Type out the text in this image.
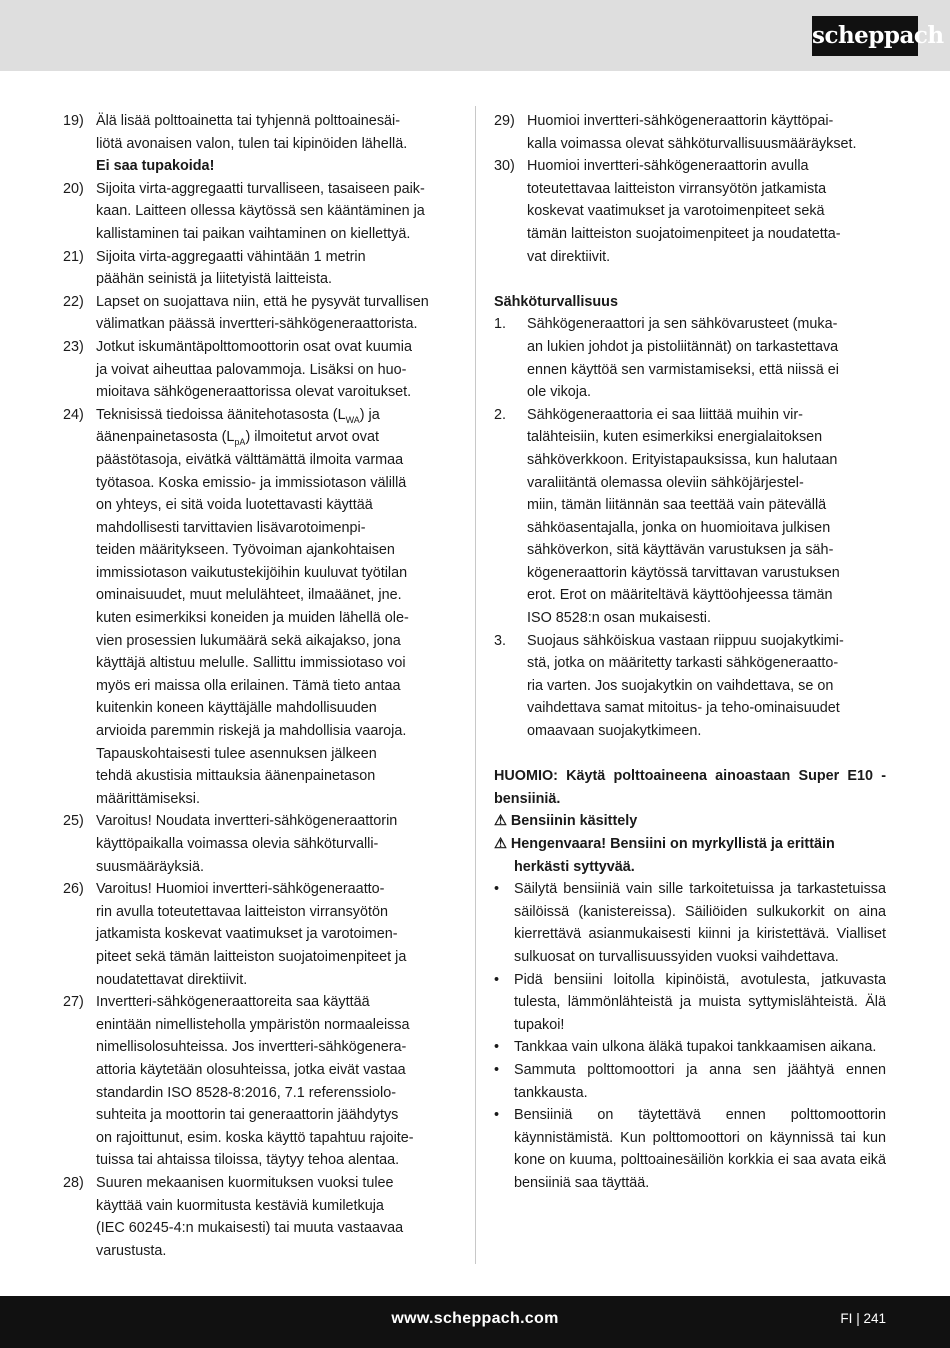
scheppach
19) Älä lisää polttoainetta tai tyhjennä polttoainesäi-
liötä avonaisen valon, tulen tai kipinöiden lähellä.
Ei saa tupakoida!
20) Sijoita virta-aggregaatti turvalliseen, tasaiseen paik-
kaan. Laitteen ollessa käytössä sen kääntäminen ja
kallistaminen tai paikan vaihtaminen on kiellettyä.
21) Sijoita virta-aggregaatti vähintään 1 metrin
päähän seinistä ja liitetyistä laitteista.
22) Lapset on suojattava niin, että he pysyvät turvallisen
välimatkan päässä invertteri-sähkögeneraattorista.
23) Jotkut iskumäntäpolttomoottorin osat ovat kuumia
ja voivat aiheuttaa palovammoja. Lisäksi on huo-
mioitava sähkögeneraattorissa olevat varoitukset.
24) Teknisissä tiedoissa äänitehotasosta $(L_{WA})$ ja
äänenpainetasosta $(L_{pA})$ ilmoitetut arvot ovat
päästötasoja, eivätkä välttämättä ilmoita varmaa
työtasoa. Koska emissio- ja immissiotason välillä
on yhteys, ei sitä voida luotettavasti käyttää
mahdollisesti tarvittavien lisävarotoimenpi-
teiden määritykseen. Työvoiman ajankohtaisen
immissiotason vaikutustekijöihin kuuluvat työtilan
ominaisuudet, muut melulähteet, ilmaäänet, jne.
kuten esimerkiksi koneiden ja muiden lähellä ole-
vien prosessien lukumäärä sekä aikajakso, jona
käyttäjä altistuu melulle. Sallittu immissiotaso voi
myös eri maissa olla erilainen. Tämä tieto antaa
kuitenkin koneen käyttäjälle mahdollisuuden
arvioida paremmin riskejä ja mahdollisia vaaroja.
Tapauskohtaisesti tulee asennuksen jälkeen
tehdä akustisia mittauksia äänenpainetason
määrittämiseksi.
25) Varoitus! Noudata invertteri-sähkögeneraattorin
käyttöpaikalla voimassa olevia sähköturvalli-
suusmääräyksiä.
26) Varoitus! Huomioi invertteri-sähkögeneraatto-
rin avulla toteutettavaa laitteiston virransyötön
jatkamista koskevat vaatimukset ja varotoimen-
piteet sekä tämän laitteiston suojatoimenpiteet ja
noudatettavat direktiivit.
27) Invertteri-sähkögeneraattoreita saa käyttää
enintään nimellisteholla ympäristön normaaleissa
nimellisolosuhteissa. Jos invertteri-sähkögenera-
attoria käytetään olosuhteissa, jotka eivät vastaa
standardin ISO 8528-8:2016, 7.1 referenssiolo-
suhteita ja moottorin tai generaattorin jäähdytys
on rajoittunut, esim. koska käyttö tapahtuu rajoite-
tuissa tai ahtaissa tiloissa, täytyy tehoa alentaa.
28) Suuren mekaanisen kuormituksen vuoksi tulee
käyttää vain kuormitusta kestäviä kumiletkuja
(IEC 60245-4:n mukaisesti) tai muuta vastaavaa
varustusta.
29) Huomioi invertteri-sähkögeneraattorin käyttöpai-
kalla voimassa olevat sähköturvallisuusmääräykset.
30) Huomioi invertteri-sähkögeneraattorin avulla
toteutettavaa laitteiston virransyötön jatkamista
koskevat vaatimukset ja varotoimenpiteet sekä
tämän laitteiston suojatoimenpiteet ja noudatetta-
vat direktiivit.
Sähköturvallisuus
1.	Sähkögeneraattori ja sen sähkövarusteet (muka-
an lukien johdot ja pistoliitännät) on tarkastettava
ennen käyttöä sen varmistamiseksi, että niissä ei
ole vikoja.
2.	Sähkögeneraattoria ei saa liittää muihin vir-
talähteisiin, kuten esimerkiksi energialaitoksen
sähköverkkoon. Erityistapauksissa, kun halutaan
varaliitäntä olemassa oleviin sähköjärjestel-
miin, tämän liitännän saa teettää vain pätevällä
sähköasentajalla, jonka on huomioitava julkisen
sähköverkon, sitä käyttävän varustuksen ja säh-
kögeneraattorin käytössä tarvittavan varustuksen
erot. Erot on määriteltävä käyttöohjeessa tämän
ISO 8528:n osan mukaisesti.
3.	Suojaus sähköiskua vastaan riippuu suojakytkimi-
stä, jotka on määritetty tarkasti sähkögeneraatto-
ria varten. Jos suojakytkin on vaihdettava, se on
vaihdettava samat mitoitus- ja teho-ominaisuudet
omaavaan suojakytkimeen.
HUOMIO: Käytä polttoaineena ainoastaan Super E10 -bensiiniä.
⚠ Bensiinin käsittely
⚠ Hengenvaara! Bensiini on myrkyllistä ja erittäin
herkästi syttyvää.
•	Säilytä bensiiniä vain sille tarkoitetuissa ja tarkastetuissa säilöissä (kanistereissa). Säiliöiden sulkukorkit on aina kierrettävä asianmukaisesti kiinni ja kiristettävä. Vialliset sulkuosat on turvallisuussyiden vuoksi vaihdettava.
•	Pidä bensiini loitolla kipinöistä, avotulesta, jatkuvasta tulesta, lämmönlähteistä ja muista syttymislähteistä. Älä tupakoi!
•	Tankkaa vain ulkona äläkä tupakoi tankkaamisen aikana.
•	Sammuta polttomoottori ja anna sen jäähtyä ennen tankkausta.
•	Bensiiniä on täytettävä ennen polttomoottorin käynnistämistä. Kun polttomoottori on käynnissä tai kun kone on kuuma, polttoainesäiliön korkkia ei saa avata eikä bensiiniä saa täyttää.
www.scheppach.com	FI | 241
